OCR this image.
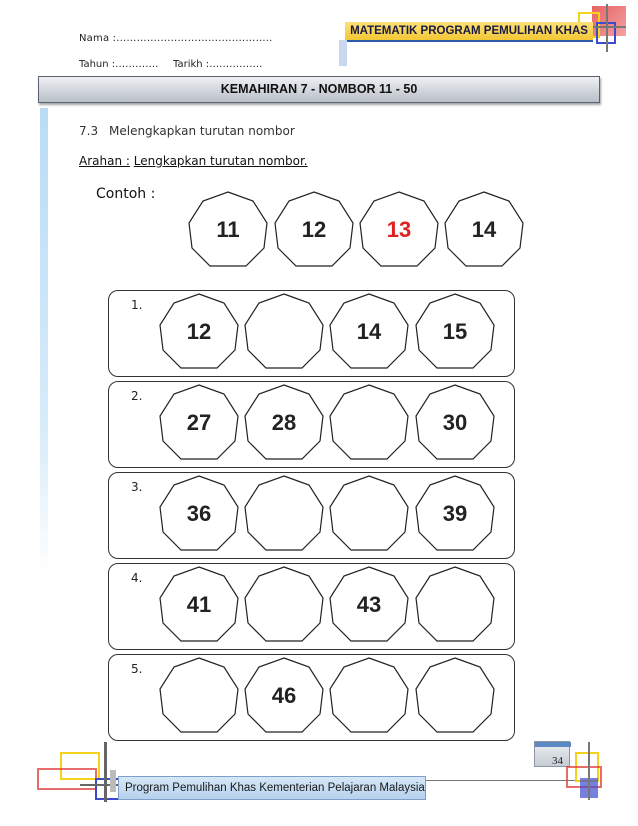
MATEMATIK PROGRAM PEMULIHAN KHAS
Nama :…………………………..…………..
Tahun :…………. Tarikh :…………….
KEMAHIRAN 7 - NOMBOR 11 - 50
7.3 Melengkapkan turutan nombor
Arahan : Lengkapkan turutan nombor.
Contoh :
11	12	13	14
1.
12	14	15
2.
27	28	30
3.
36	39
4.
41	43
5.
46
Program Pemulihan Khas Kementerian Pelajaran Malaysia
34
